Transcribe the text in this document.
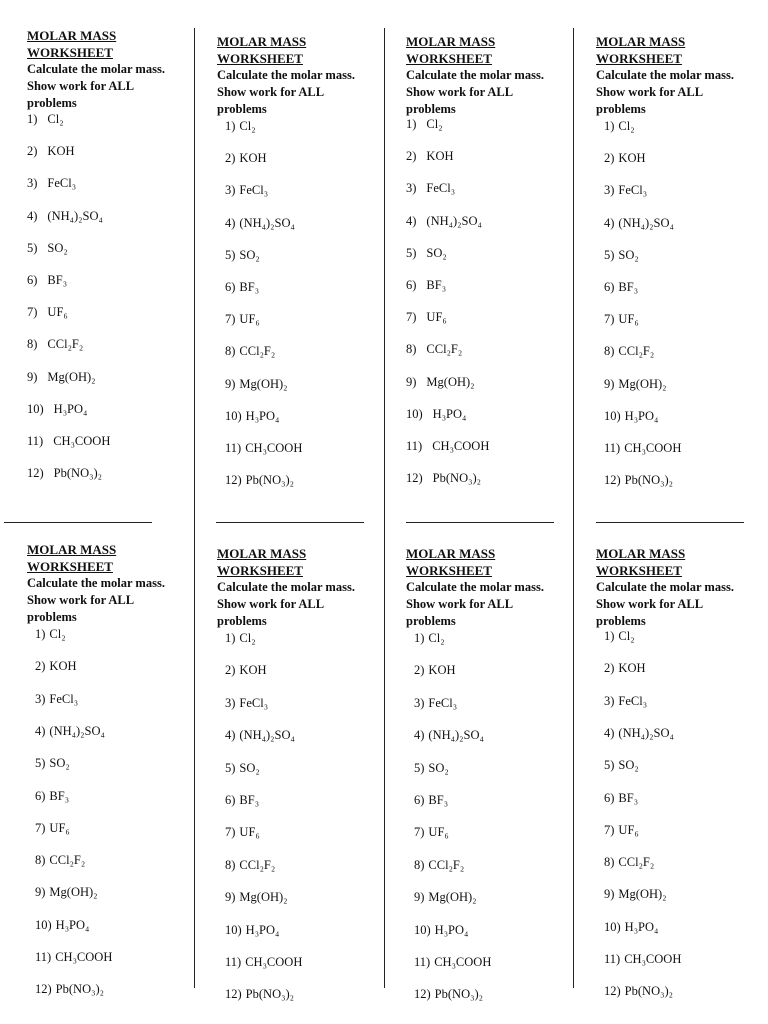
MOLAR MASS
WORKSHEET
Calculate the molar mass.
Show work for ALL
problems
1) Cl₂
2) KOH
3) FeCl₃
4) (NH₄)₂SO₄
5) SO₂
6) BF₃
7) UF₆
8) CCl₂F₂
9) Mg(OH)₂
10) H₃PO₄
11) CH₃COOH
12) Pb(NO₃)₂
MOLAR MASS
WORKSHEET
Calculate the molar mass.
Show work for ALL
problems
1) Cl₂
2) KOH
3) FeCl₃
4) (NH₄)₂SO₄
5) SO₂
6) BF₃
7) UF₆
8) CCl₂F₂
9) Mg(OH)₂
10) H₃PO₄
11) CH₃COOH
12) Pb(NO₃)₂
MOLAR MASS
WORKSHEET
Calculate the molar mass.
Show work for ALL
problems
1) Cl₂
2) KOH
3) FeCl₃
4) (NH₄)₂SO₄
5) SO₂
6) BF₃
7) UF₆
8) CCl₂F₂
9) Mg(OH)₂
10) H₃PO₄
11) CH₃COOH
12) Pb(NO₃)₂
MOLAR MASS
WORKSHEET
Calculate the molar mass.
Show work for ALL
problems
1) Cl₂
2) KOH
3) FeCl₃
4) (NH₄)₂SO₄
5) SO₂
6) BF₃
7) UF₆
8) CCl₂F₂
9) Mg(OH)₂
10) H₃PO₄
11) CH₃COOH
12) Pb(NO₃)₂
MOLAR MASS
WORKSHEET
Calculate the molar mass.
Show work for ALL
problems
1) Cl₂
2) KOH
3) FeCl₃
4) (NH₄)₂SO₄
5) SO₂
6) BF₃
7) UF₆
8) CCl₂F₂
9) Mg(OH)₂
10) H₃PO₄
11) CH₃COOH
12) Pb(NO₃)₂
MOLAR MASS
WORKSHEET
Calculate the molar mass.
Show work for ALL
problems
1) Cl₂
2) KOH
3) FeCl₃
4) (NH₄)₂SO₄
5) SO₂
6) BF₃
7) UF₆
8) CCl₂F₂
9) Mg(OH)₂
10) H₃PO₄
11) CH₃COOH
12) Pb(NO₃)₂
MOLAR MASS
WORKSHEET
Calculate the molar mass.
Show work for ALL
problems
1) Cl₂
2) KOH
3) FeCl₃
4) (NH₄)₂SO₄
5) SO₂
6) BF₃
7) UF₆
8) CCl₂F₂
9) Mg(OH)₂
10) H₃PO₄
11) CH₃COOH
12) Pb(NO₃)₂
MOLAR MASS
WORKSHEET
Calculate the molar mass.
Show work for ALL
problems
1) Cl₂
2) KOH
3) FeCl₃
4) (NH₄)₂SO₄
5) SO₂
6) BF₃
7) UF₆
8) CCl₂F₂
9) Mg(OH)₂
10) H₃PO₄
11) CH₃COOH
12) Pb(NO₃)₂
